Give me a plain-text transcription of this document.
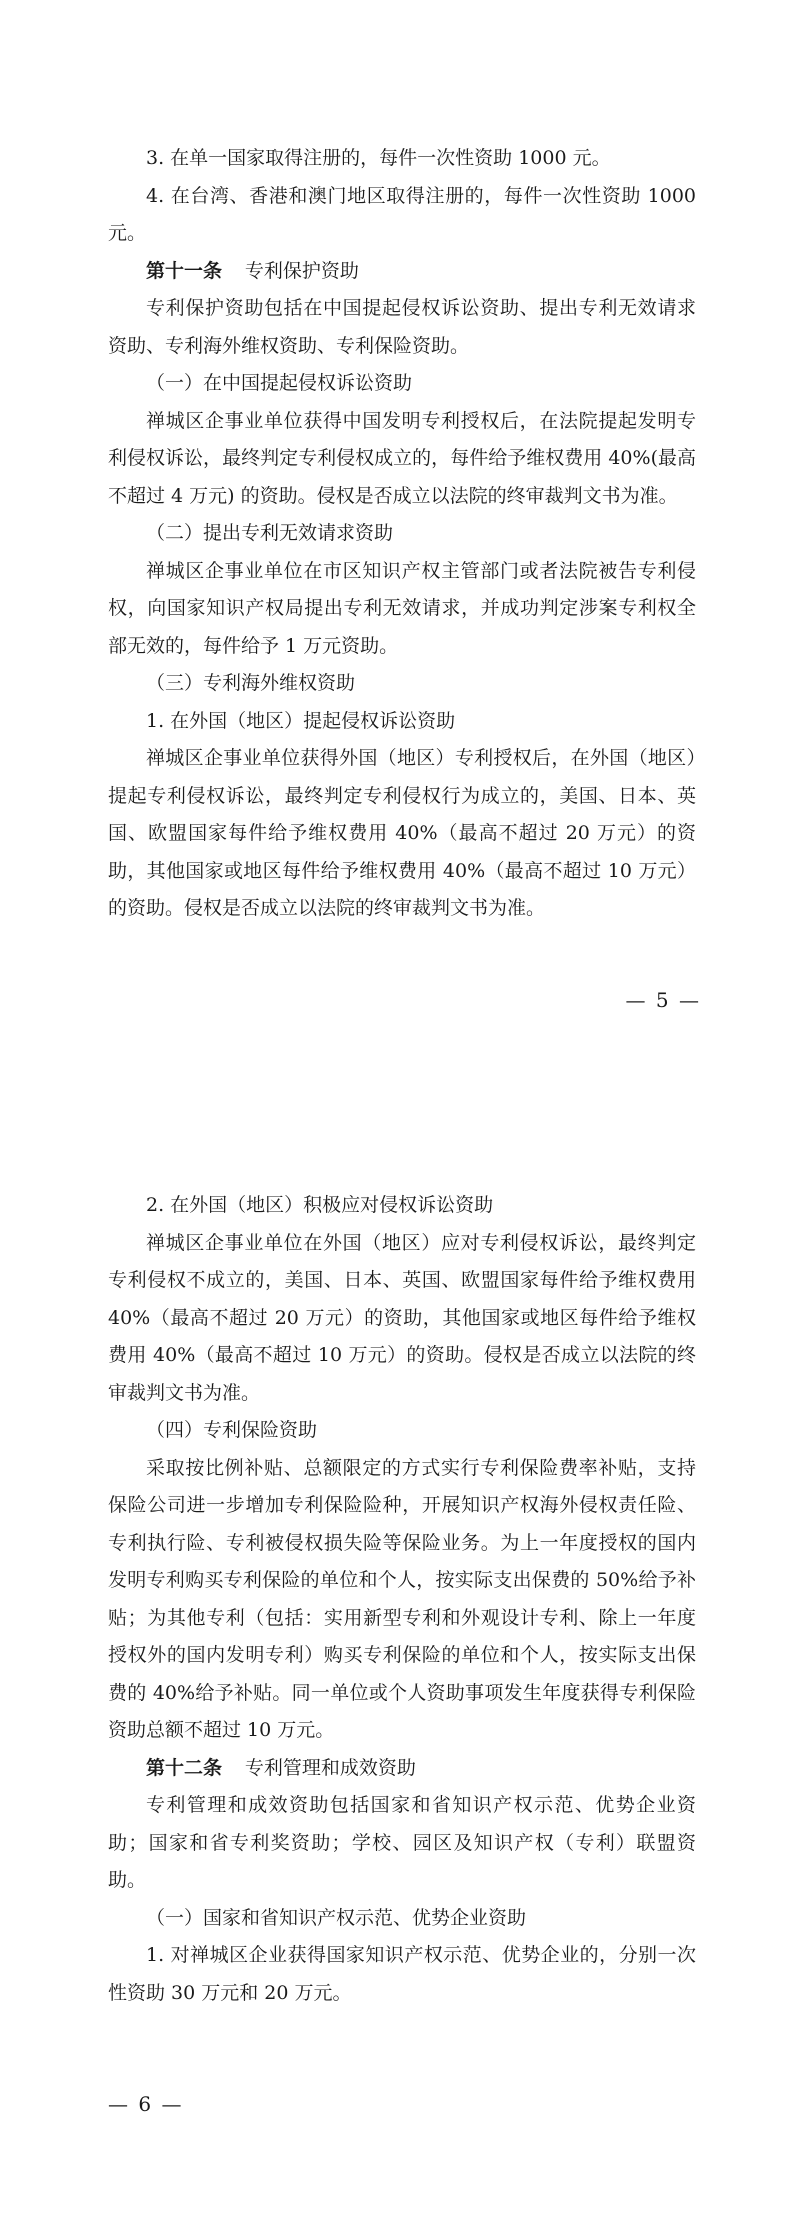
3. 在单一国家取得注册的，每件一次性资助 1000 元。

4. 在台湾、香港和澳门地区取得注册的，每件一次性资助 1000 元。

第十一条 专利保护资助

专利保护资助包括在中国提起侵权诉讼资助、提出专利无效请求资助、专利海外维权资助、专利保险资助。

（一）在中国提起侵权诉讼资助

禅城区企事业单位获得中国发明专利授权后，在法院提起发明专利侵权诉讼，最终判定专利侵权成立的，每件给予维权费用 40%(最高不超过 4 万元) 的资助。侵权是否成立以法院的终审裁判文书为准。

（二）提出专利无效请求资助

禅城区企事业单位在市区知识产权主管部门或者法院被告专利侵权，向国家知识产权局提出专利无效请求，并成功判定涉案专利权全部无效的，每件给予 1 万元资助。

（三）专利海外维权资助

1. 在外国（地区）提起侵权诉讼资助

禅城区企事业单位获得外国（地区）专利授权后，在外国（地区）提起专利侵权诉讼，最终判定专利侵权行为成立的，美国、日本、英国、欧盟国家每件给予维权费用 40%（最高不超过 20 万元）的资助，其他国家或地区每件给予维权费用 40%（最高不超过 10 万元）的资助。侵权是否成立以法院的终审裁判文书为准。

— 5 —

2. 在外国（地区）积极应对侵权诉讼资助

禅城区企事业单位在外国（地区）应对专利侵权诉讼，最终判定专利侵权不成立的，美国、日本、英国、欧盟国家每件给予维权费用 40%（最高不超过 20 万元）的资助，其他国家或地区每件给予维权费用 40%（最高不超过 10 万元）的资助。侵权是否成立以法院的终审裁判文书为准。

（四）专利保险资助

采取按比例补贴、总额限定的方式实行专利保险费率补贴，支持保险公司进一步增加专利保险险种，开展知识产权海外侵权责任险、专利执行险、专利被侵权损失险等保险业务。为上一年度授权的国内发明专利购买专利保险的单位和个人，按实际支出保费的 50%给予补贴；为其他专利（包括：实用新型专利和外观设计专利、除上一年度授权外的国内发明专利）购买专利保险的单位和个人，按实际支出保费的 40%给予补贴。同一单位或个人资助事项发生年度获得专利保险资助总额不超过 10 万元。

第十二条 专利管理和成效资助

专利管理和成效资助包括国家和省知识产权示范、优势企业资助；国家和省专利奖资助；学校、园区及知识产权（专利）联盟资助。

（一）国家和省知识产权示范、优势企业资助

1. 对禅城区企业获得国家知识产权示范、优势企业的，分别一次性资助 30 万元和 20 万元。

— 6 —
